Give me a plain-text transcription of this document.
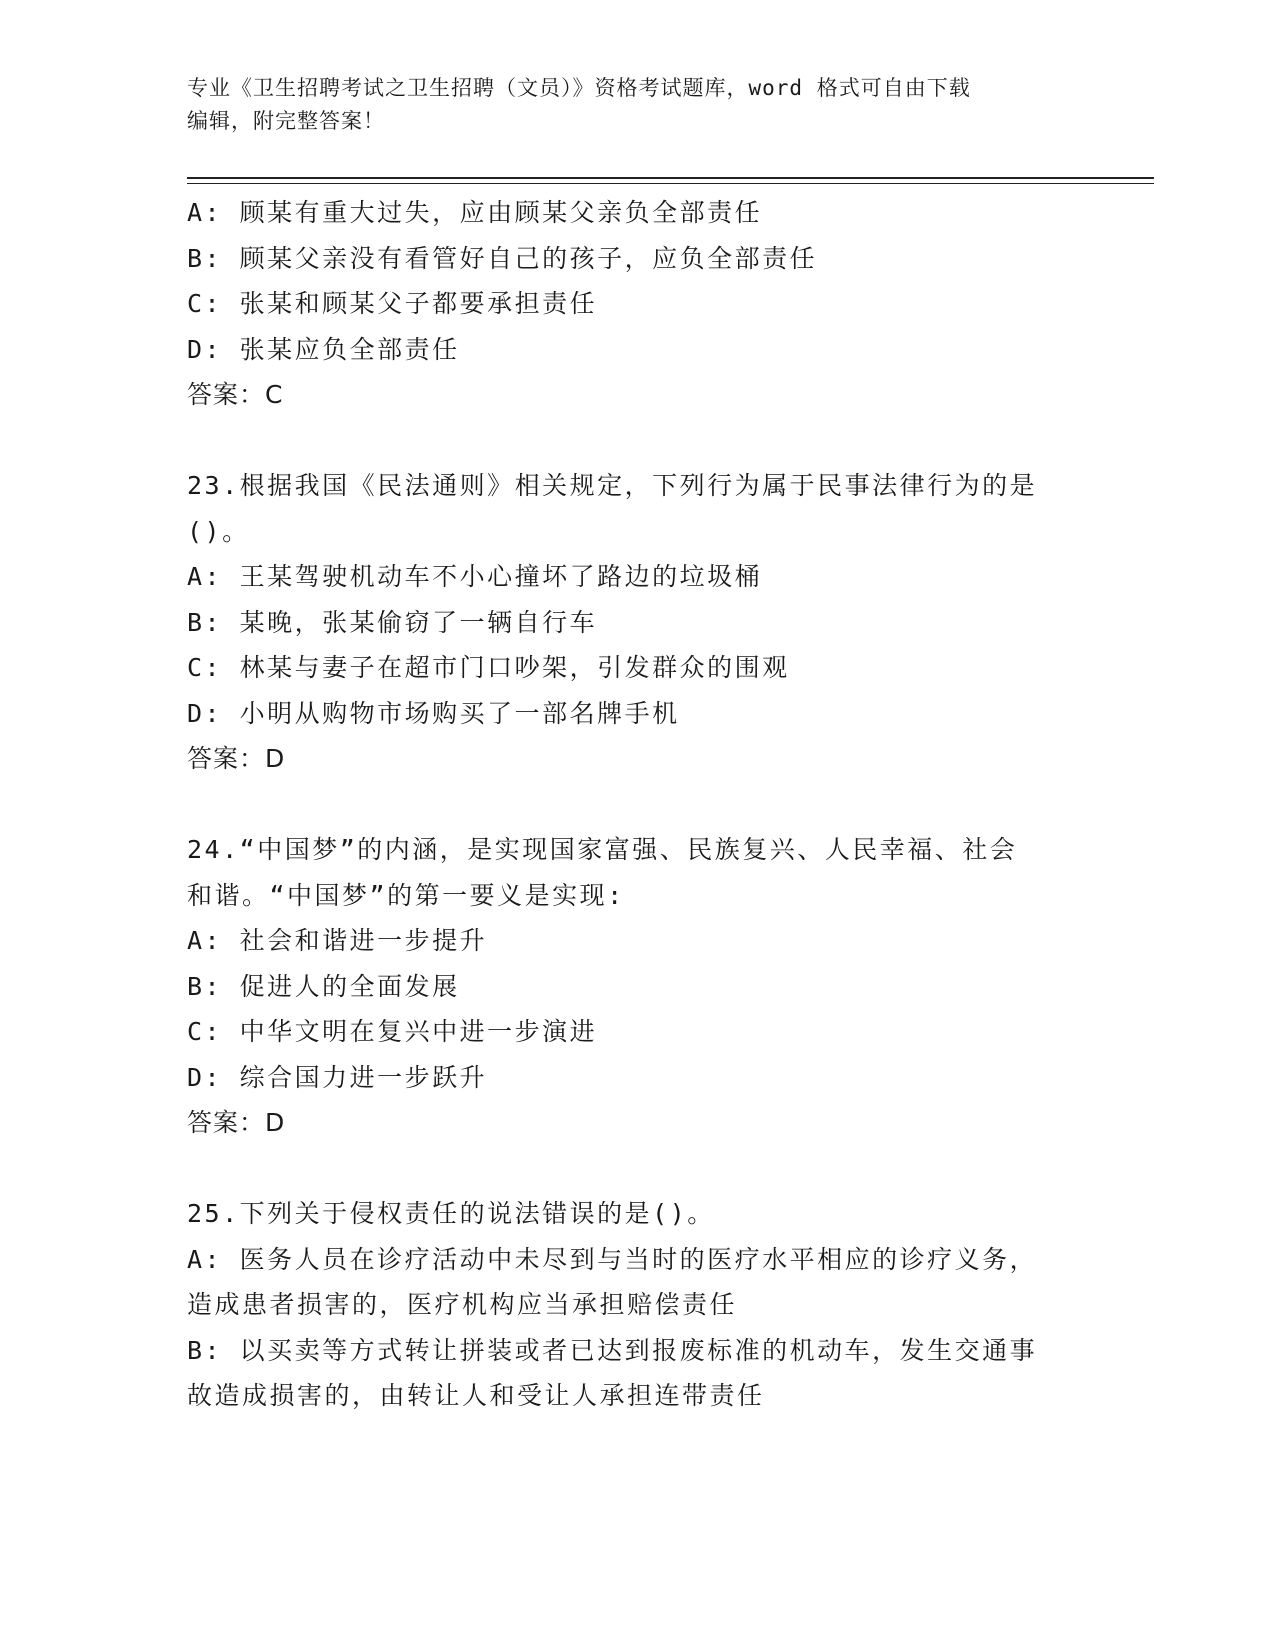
专业《卫生招聘考试之卫生招聘（文员）》资格考试题库，word 格式可自由下载
编辑，附完整答案！
A: 顾某有重大过失，应由顾某父亲负全部责任
B: 顾某父亲没有看管好自己的孩子，应负全部责任
C: 张某和顾某父子都要承担责任
D: 张某应负全部责任
答案：C
23.根据我国《民法通则》相关规定，下列行为属于民事法律行为的是
()。
A: 王某驾驶机动车不小心撞坏了路边的垃圾桶
B: 某晚，张某偷窃了一辆自行车
C: 林某与妻子在超市门口吵架，引发群众的围观
D: 小明从购物市场购买了一部名牌手机
答案：D
24.“中国梦”的内涵，是实现国家富强、民族复兴、人民幸福、社会
和谐。“中国梦”的第一要义是实现:
A: 社会和谐进一步提升
B: 促进人的全面发展
C: 中华文明在复兴中进一步演进
D: 综合国力进一步跃升
答案：D
25.下列关于侵权责任的说法错误的是()。
A: 医务人员在诊疗活动中未尽到与当时的医疗水平相应的诊疗义务，
造成患者损害的，医疗机构应当承担赔偿责任
B: 以买卖等方式转让拼装或者已达到报废标准的机动车，发生交通事
故造成损害的，由转让人和受让人承担连带责任
